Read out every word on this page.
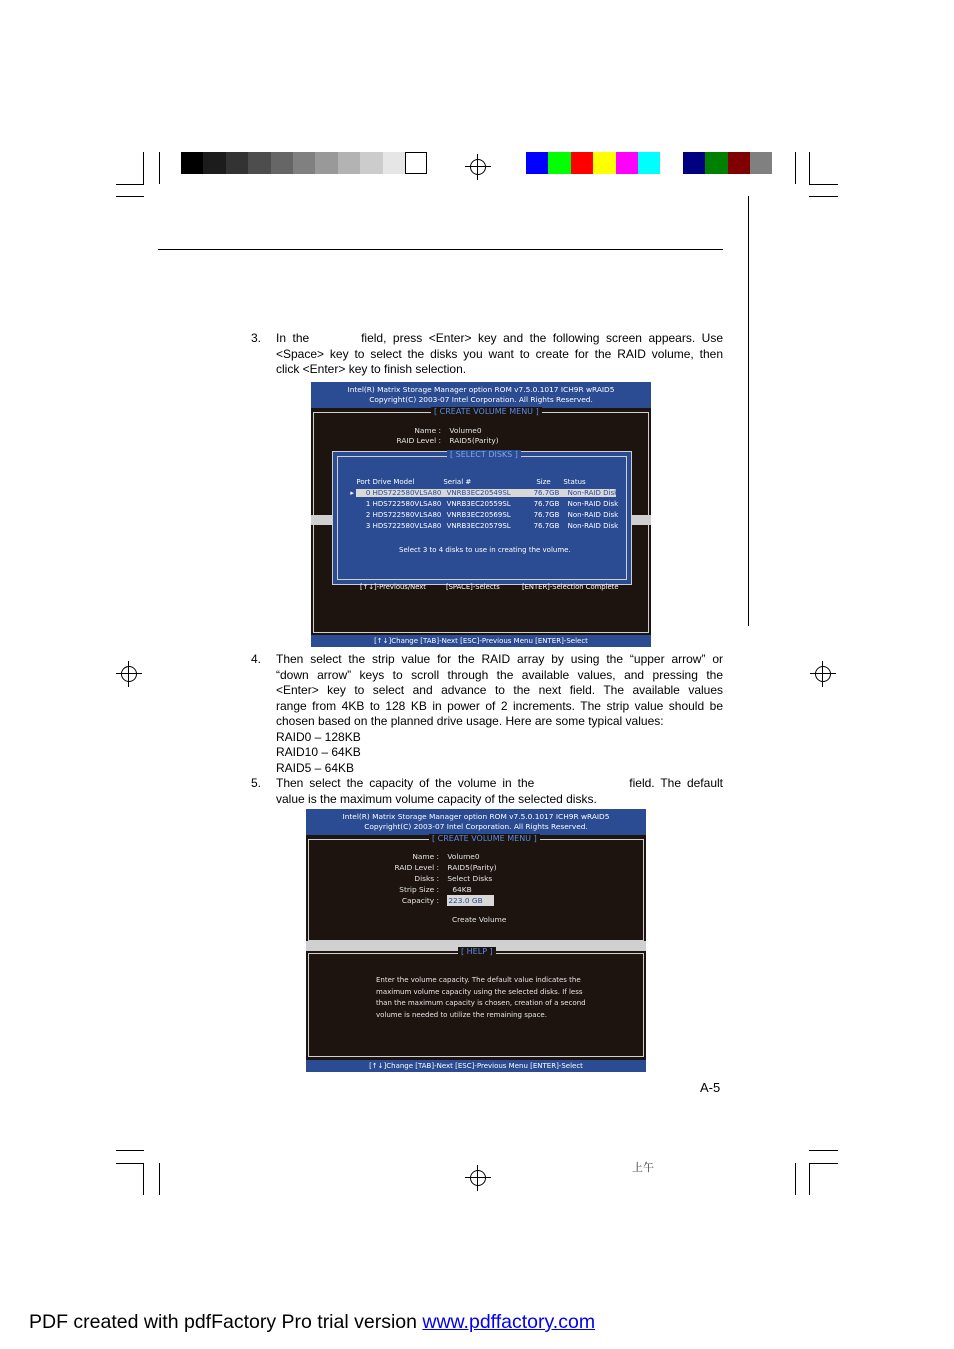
3. In the        field, press <Enter> key and the following screen appears. Use
<Space> key to select the disks you want to create for the RAID volume, then
click <Enter> key to finish selection.
Intel(R) Matrix Storage Manager option ROM v7.5.0.1017 ICH9R wRAID5
Copyright(C) 2003-07 Intel Corporation. All Rights Reserved.
[ CREATE VOLUME MENU ]
Name : Volume0
RAID Level : RAID5(Parity)
[ SELECT DISKS ]

Port Drive Model	Serial #	Size Status

▸ 0 HDS722580VLSA80 VNRB3EC20549SL	76.7GB Non-RAID Disk

1 HDS722580VLSA80 VNRB3EC20559SL	76.7GB Non-RAID Disk

2 HDS722580VLSA80 VNRB3EC20569SL	76.7GB Non-RAID Disk

3 HDS722580VLSA80 VNRB3EC20579SL	76.7GB Non-RAID Disk

Select 3 to 4 disks to use in creating the volume.

[↑↓]-Previous/Next	[SPACE]-Selects	[ENTER]-Selection Complete

[↑↓]Change [TAB]-Next [ESC]-Previous Menu [ENTER]-Select
4. Then select the strip value for the RAID array by using the “upper arrow” or
“down arrow” keys to scroll through the available values, and pressing the
<Enter> key to select and advance to the next field. The available values
range from 4KB to 128 KB in power of 2 increments. The strip value should be
chosen based on the planned drive usage. Here are some typical values:
RAID0 – 128KB
RAID10 – 64KB
RAID5 – 64KB
5. Then select the capacity of the volume in the                field. The default
value is the maximum volume capacity of the selected disks.
Intel(R) Matrix Storage Manager option ROM v7.5.0.1017 ICH9R wRAID5
Copyright(C) 2003-07 Intel Corporation. All Rights Reserved.
[ CREATE VOLUME MENU ]
Name : Volume0
RAID Level : RAID5(Parity)
Disks : Select Disks
Strip Size : 64KB
Capacity : 223.0 GB
Create Volume
[ HELP ]
Enter the volume capacity. The default value indicates the
maximum volume capacity using the selected disks. If less
than the maximum capacity is chosen, creation of a second
volume is needed to utilize the remaining space.
[↑↓]Change [TAB]-Next [ESC]-Previous Menu [ENTER]-Select
A-5
上午
PDF created with pdfFactory Pro trial version www.pdffactory.com
